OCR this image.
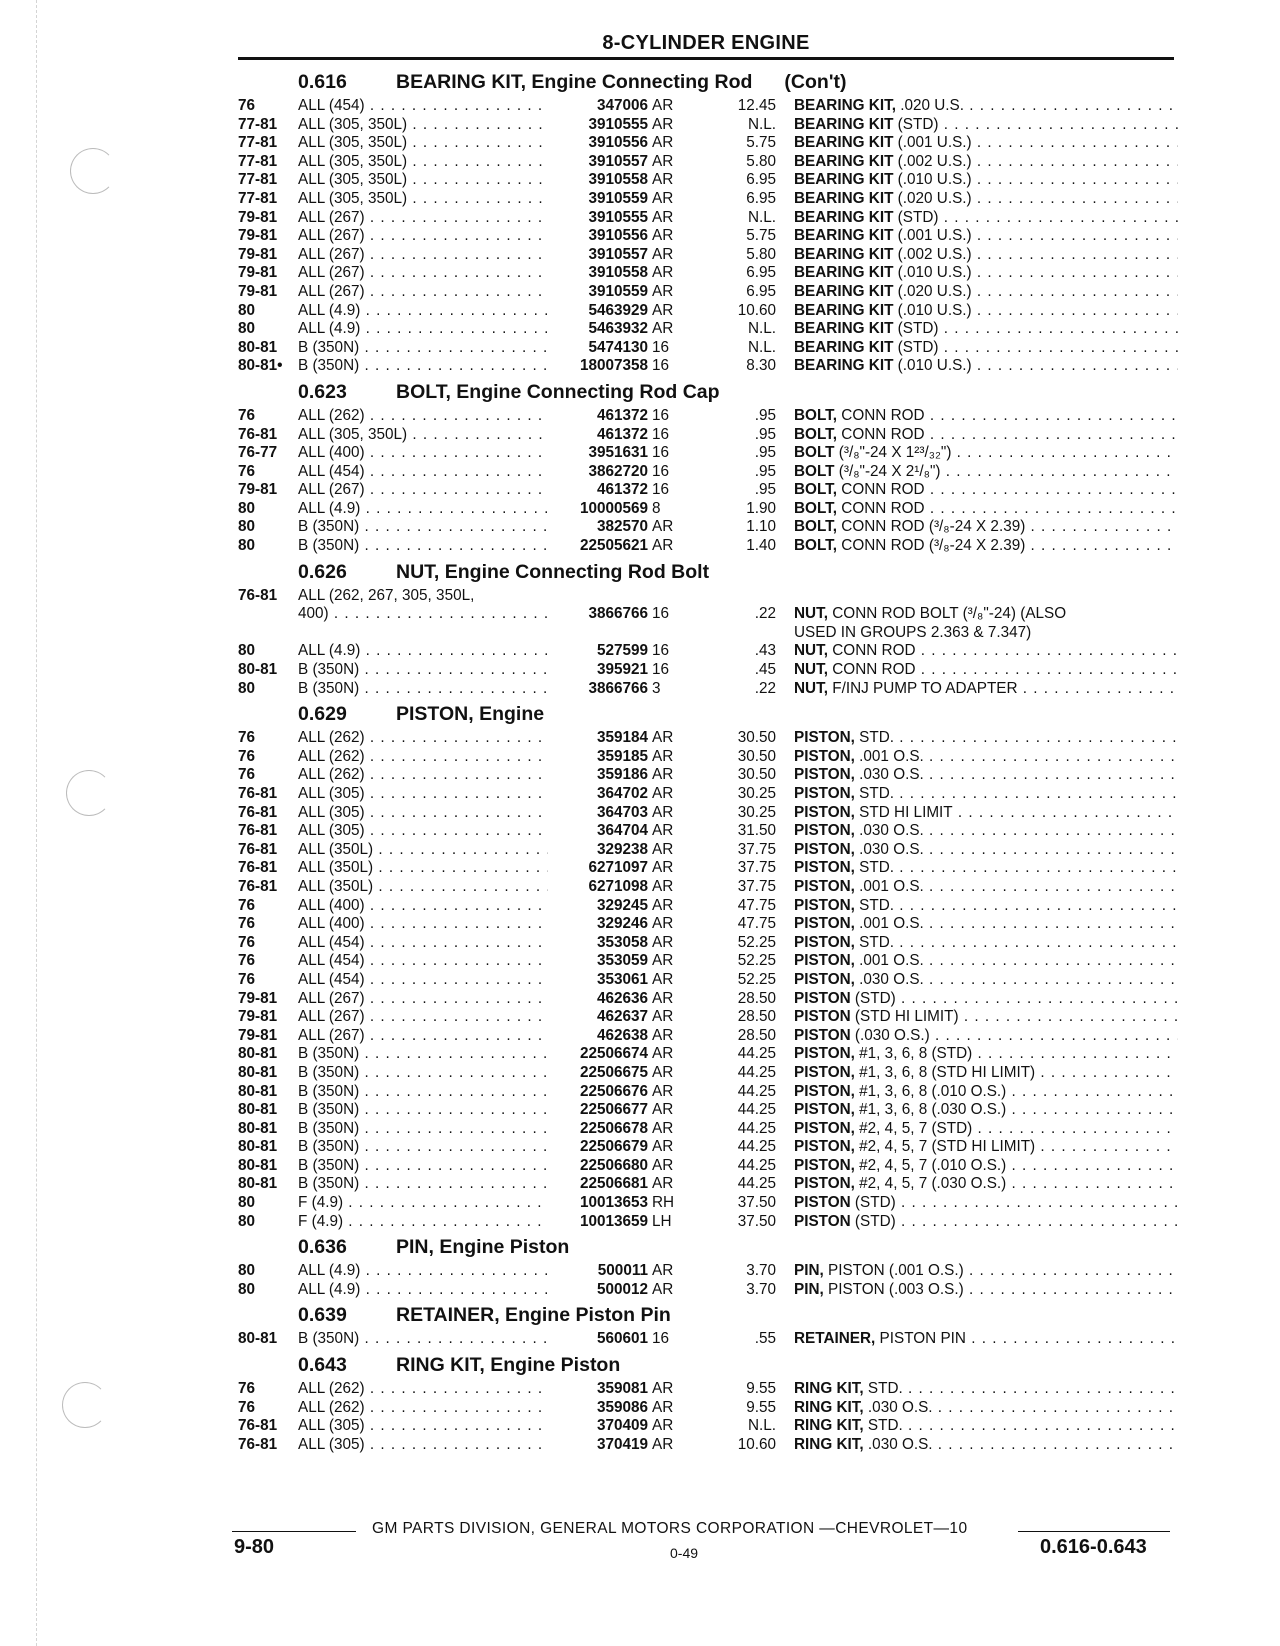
8-CYLINDER ENGINE
0.616	BEARING KIT, Engine Connecting Rod (Con't)
76	ALL (454) . . .	347006 AR	12.45 BEARING KIT, .020 U.S. . . .
77-81	ALL (305, 350L) . . .	3910555 AR	N.L. BEARING KIT (STD) . . .
77-81	ALL (305, 350L) . . .	3910556 AR	5.75 BEARING KIT (.001 U.S.) . . .
77-81	ALL (305, 350L) . . .	3910557 AR	5.80 BEARING KIT (.002 U.S.) . . .
77-81	ALL (305, 350L) . . .	3910558 AR	6.95 BEARING KIT (.010 U.S.) . . .
77-81	ALL (305, 350L) . . .	3910559 AR	6.95 BEARING KIT (.020 U.S.) . . .
79-81	ALL (267) . . .	3910555 AR	N.L. BEARING KIT (STD) . . .
79-81	ALL (267) . . .	3910556 AR	5.75 BEARING KIT (.001 U.S.) . . .
79-81	ALL (267) . . .	3910557 AR	5.80 BEARING KIT (.002 U.S.) . . .
79-81	ALL (267) . . .	3910558 AR	6.95 BEARING KIT (.010 U.S.) . . .
79-81	ALL (267) . . .	3910559 AR	6.95 BEARING KIT (.020 U.S.) . . .
80	ALL (4.9) . . .	5463929 AR	10.60 BEARING KIT (.010 U.S.) . . .
80	ALL (4.9) . . .	5463932 AR	N.L. BEARING KIT (STD) . . .
80-81	B (350N) . . .	5474130 16	N.L. BEARING KIT (STD) . . .
80-81•	B (350N) . . .	18007358 16	8.30 BEARING KIT (.010 U.S.) . . .
0.623	BOLT, Engine Connecting Rod Cap
76	ALL (262) . . .	461372 16	.95 BOLT, CONN ROD . . .
76-81	ALL (305, 350L) . . .	461372 16	.95 BOLT, CONN ROD . . .
76-77	ALL (400) . . .	3951631 16	.95 BOLT (³/₈"-24 X 1²³/₃₂") . . .
76	ALL (454) . . .	3862720 16	.95 BOLT (³/₈"-24 X 2¹/₈") . . .
79-81	ALL (267) . . .	461372 16	.95 BOLT, CONN ROD . . .
80	ALL (4.9) . . .	10000569 8	1.90 BOLT, CONN ROD . . .
80	B (350N) . . .	382570 AR	1.10 BOLT, CONN ROD (³/₈-24 X 2.39) . . .
80	B (350N) . . .	22505621 AR	1.40 BOLT, CONN ROD (³/₈-24 X 2.39) . . .
0.626	NUT, Engine Connecting Rod Bolt
76-81	ALL (262, 267, 305, 350L,
400) . . .	3866766 16	.22 NUT, CONN ROD BOLT (³/₈"-24) (ALSO
USED IN GROUPS 2.363 & 7.347)
80	ALL (4.9) . . .	527599 16	.43 NUT, CONN ROD . . .
80-81	B (350N) . . .	395921 16	.45 NUT, CONN ROD . . .
80	B (350N) . . .	3866766 3	.22 NUT, F/INJ PUMP TO ADAPTER . . .
0.629	PISTON, Engine
76	ALL (262) . . .	359184 AR	30.50 PISTON, STD. . . .
76	ALL (262) . . .	359185 AR	30.50 PISTON, .001 O.S. . . .
76	ALL (262) . . .	359186 AR	30.50 PISTON, .030 O.S. . . .
76-81	ALL (305) . . .	364702 AR	30.25 PISTON, STD. . . .
76-81	ALL (305) . . .	364703 AR	30.25 PISTON, STD HI LIMIT . . .
76-81	ALL (305) . . .	364704 AR	31.50 PISTON, .030 O.S. . . .
76-81	ALL (350L) . . .	329238 AR	37.75 PISTON, .030 O.S. . . .
76-81	ALL (350L) . . .	6271097 AR	37.75 PISTON, STD. . . .
76-81	ALL (350L) . . .	6271098 AR	37.75 PISTON, .001 O.S. . . .
76	ALL (400) . . .	329245 AR	47.75 PISTON, STD. . . .
76	ALL (400) . . .	329246 AR	47.75 PISTON, .001 O.S. . . .
76	ALL (454) . . .	353058 AR	52.25 PISTON, STD. . . .
76	ALL (454) . . .	353059 AR	52.25 PISTON, .001 O.S. . . .
76	ALL (454) . . .	353061 AR	52.25 PISTON, .030 O.S. . . .
79-81	ALL (267) . . .	462636 AR	28.50 PISTON (STD) . . .
79-81	ALL (267) . . .	462637 AR	28.50 PISTON (STD HI LIMIT) . . .
79-81	ALL (267) . . .	462638 AR	28.50 PISTON (.030 O.S.) . . .
80-81	B (350N) . . .	22506674 AR	44.25 PISTON, #1, 3, 6, 8 (STD) . . .
80-81	B (350N) . . .	22506675 AR	44.25 PISTON, #1, 3, 6, 8 (STD HI LIMIT) . . .
80-81	B (350N) . . .	22506676 AR	44.25 PISTON, #1, 3, 6, 8 (.010 O.S.) . . .
80-81	B (350N) . . .	22506677 AR	44.25 PISTON, #1, 3, 6, 8 (.030 O.S.) . . .
80-81	B (350N) . . .	22506678 AR	44.25 PISTON, #2, 4, 5, 7 (STD) . . .
80-81	B (350N) . . .	22506679 AR	44.25 PISTON, #2, 4, 5, 7 (STD HI LIMIT) . . .
80-81	B (350N) . . .	22506680 AR	44.25 PISTON, #2, 4, 5, 7 (.010 O.S.) . . .
80-81	B (350N) . . .	22506681 AR	44.25 PISTON, #2, 4, 5, 7 (.030 O.S.) . . .
80	F (4.9) . . .	10013653 RH	37.50 PISTON (STD) . . .
80	F (4.9) . . .	10013659 LH	37.50 PISTON (STD) . . .
0.636	PIN, Engine Piston
80	ALL (4.9) . . .	500011 AR	3.70 PIN, PISTON (.001 O.S.) . . .
80	ALL (4.9) . . .	500012 AR	3.70 PIN, PISTON (.003 O.S.) . . .
0.639	RETAINER, Engine Piston Pin
80-81	B (350N) . . .	560601 16	.55 RETAINER, PISTON PIN . . .
0.643	RING KIT, Engine Piston
76	ALL (262) . . .	359081 AR	9.55 RING KIT, STD. . . .
76	ALL (262) . . .	359086 AR	9.55 RING KIT, .030 O.S. . . .
76-81	ALL (305) . . .	370409 AR	N.L. RING KIT, STD. . . .
76-81	ALL (305) . . .	370419 AR	10.60 RING KIT, .030 O.S. . . .
GM PARTS DIVISION, GENERAL MOTORS CORPORATION —CHEVROLET—10
9-80	0-49	0.616-0.643
